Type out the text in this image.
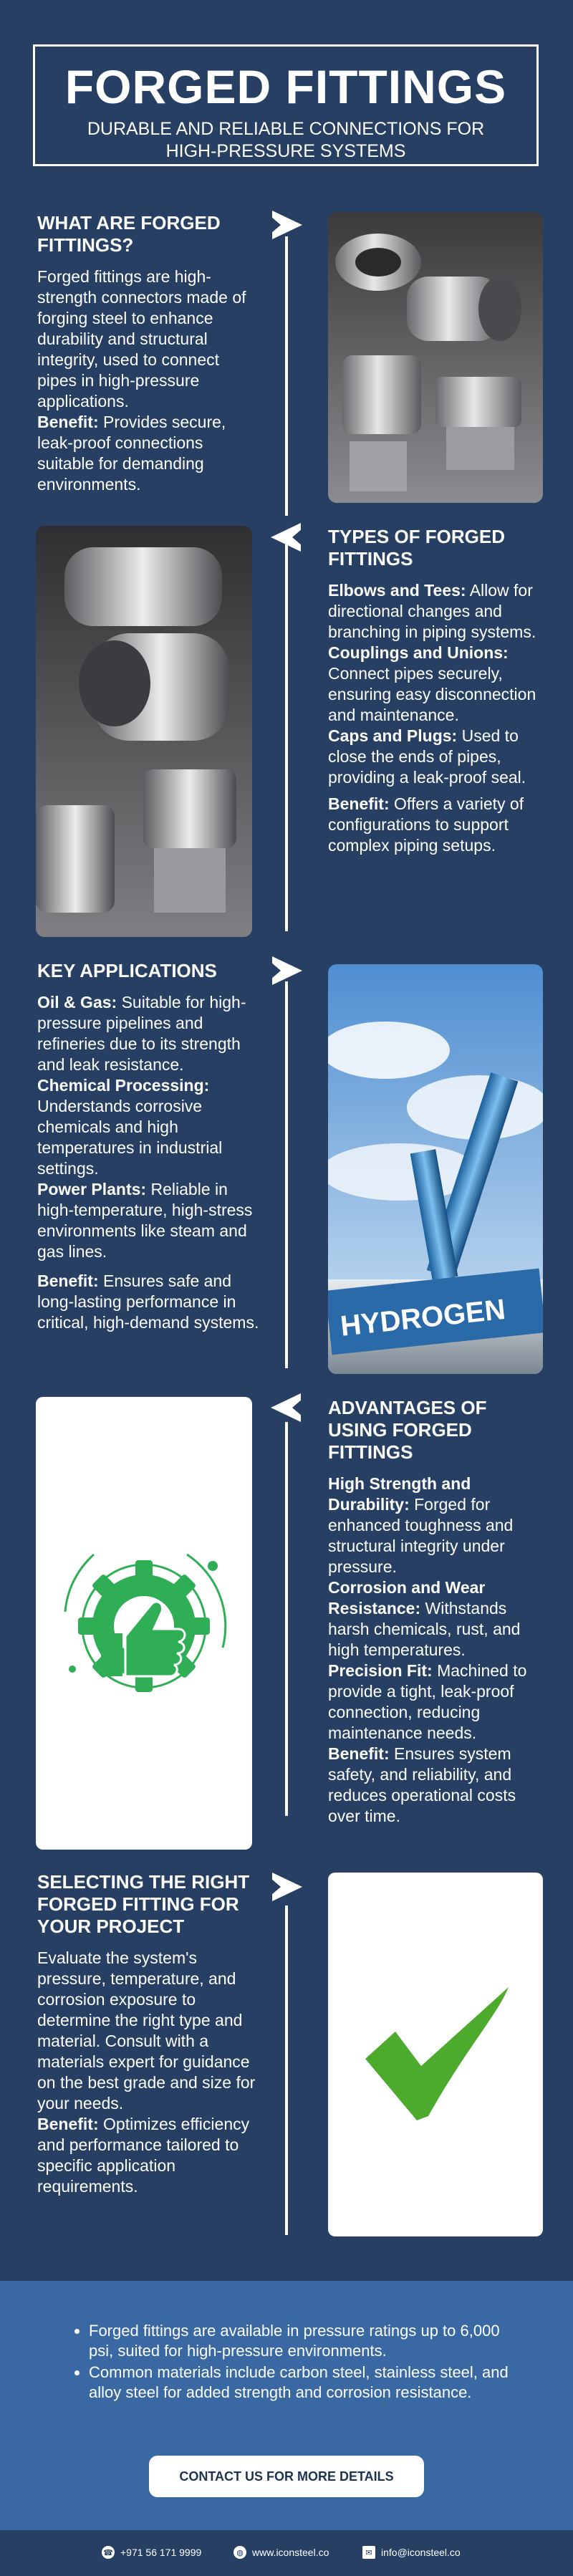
FORGED FITTINGS
DURABLE AND RELIABLE CONNECTIONS FOR
HIGH-PRESSURE SYSTEMS
WHAT ARE FORGED FITTINGS?
Forged fittings are high-strength connectors made of forging steel to enhance durability and structural integrity, used to connect pipes in high-pressure applications.
Benefit: Provides secure, leak-proof connections suitable for demanding environments.
TYPES OF FORGED FITTINGS
Elbows and Tees: Allow for directional changes and branching in piping systems.
Couplings and Unions: Connect pipes securely, ensuring easy disconnection and maintenance.
Caps and Plugs: Used to close the ends of pipes, providing a leak-proof seal.
Benefit: Offers a variety of configurations to support complex piping setups.
KEY APPLICATIONS
Oil & Gas: Suitable for high-pressure pipelines and refineries due to its strength and leak resistance.
Chemical Processing: Understands corrosive chemicals and high temperatures in industrial settings.
Power Plants: Reliable in high-temperature, high-stress environments like steam and gas lines.
Benefit: Ensures safe and long-lasting performance in critical, high-demand systems.	HYDROGEN
ADVANTAGES OF USING FORGED FITTINGS
High Strength and Durability: Forged for enhanced toughness and structural integrity under pressure.
Corrosion and Wear Resistance: Withstands harsh chemicals, rust, and high temperatures.
Precision Fit: Machined to provide a tight, leak-proof connection, reducing maintenance needs.
Benefit: Ensures system safety, and reliability, and reduces operational costs over time.
SELECTING THE RIGHT FORGED FITTING FOR YOUR PROJECT
Evaluate the system's pressure, temperature, and corrosion exposure to determine the right type and material. Consult with a materials expert for guidance on the best grade and size for your needs.
Benefit: Optimizes efficiency and performance tailored to specific application requirements.
• Forged fittings are available in pressure ratings up to 6,000 psi, suited for high-pressure environments.
• Common materials include carbon steel, stainless steel, and alloy steel for added strength and corrosion resistance.
CONTACT US FOR MORE DETAILS
☎ +971 56 171 9999	◍ www.iconsteel.co	✉ info@iconsteel.co
